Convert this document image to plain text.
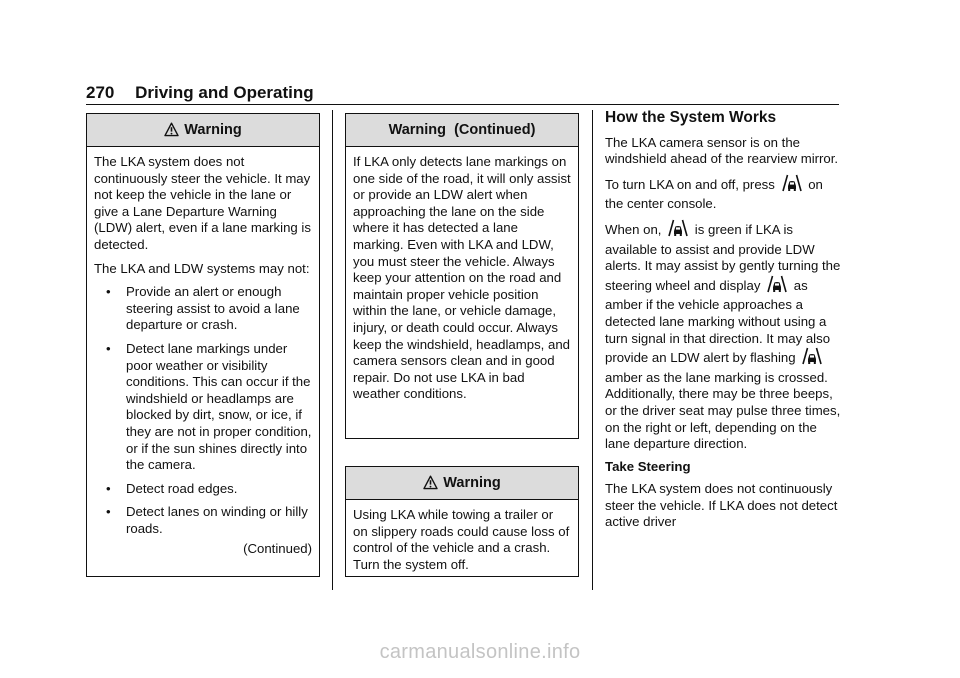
270 Driving and Operating
Warning

The LKA system does not continuously steer the vehicle. It may not keep the vehicle in the lane or give a Lane Departure Warning (LDW) alert, even if a lane marking is detected.

The LKA and LDW systems may not:

• Provide an alert or enough steering assist to avoid a lane departure or crash.
• Detect lane markings under poor weather or visibility conditions. This can occur if the windshield or headlamps are blocked by dirt, snow, or ice, if they are not in proper condition, or if the sun shines directly into the camera.
• Detect road edges.
• Detect lanes on winding or hilly roads.
(Continued)
Warning  (Continued)

If LKA only detects lane markings on one side of the road, it will only assist or provide an LDW alert when approaching the lane on the side where it has detected a lane marking. Even with LKA and LDW, you must steer the vehicle. Always keep your attention on the road and maintain proper vehicle position within the lane, or vehicle damage, injury, or death could occur. Always keep the windshield, headlamps, and camera sensors clean and in good repair. Do not use LKA in bad weather conditions.

Warning

Using LKA while towing a trailer or on slippery roads could cause loss of control of the vehicle and a crash. Turn the system off.

How the System Works

The LKA camera sensor is on the windshield ahead of the rearview mirror.

To turn LKA on and off, press	on the center console.

When on,	is green if LKA is available to assist and provide LDW alerts. It may assist by gently turning the steering wheel and display	as amber if the vehicle approaches a detected lane marking without using a turn signal in that direction. It may also provide an LDW alert by flashing  amber as the lane marking is crossed. Additionally, there may be three beeps, or the driver seat may pulse three times, on the right or left, depending on the lane departure direction.

Take Steering

The LKA system does not continuously steer the vehicle. If LKA does not detect active driver

carmanualsonline.info
